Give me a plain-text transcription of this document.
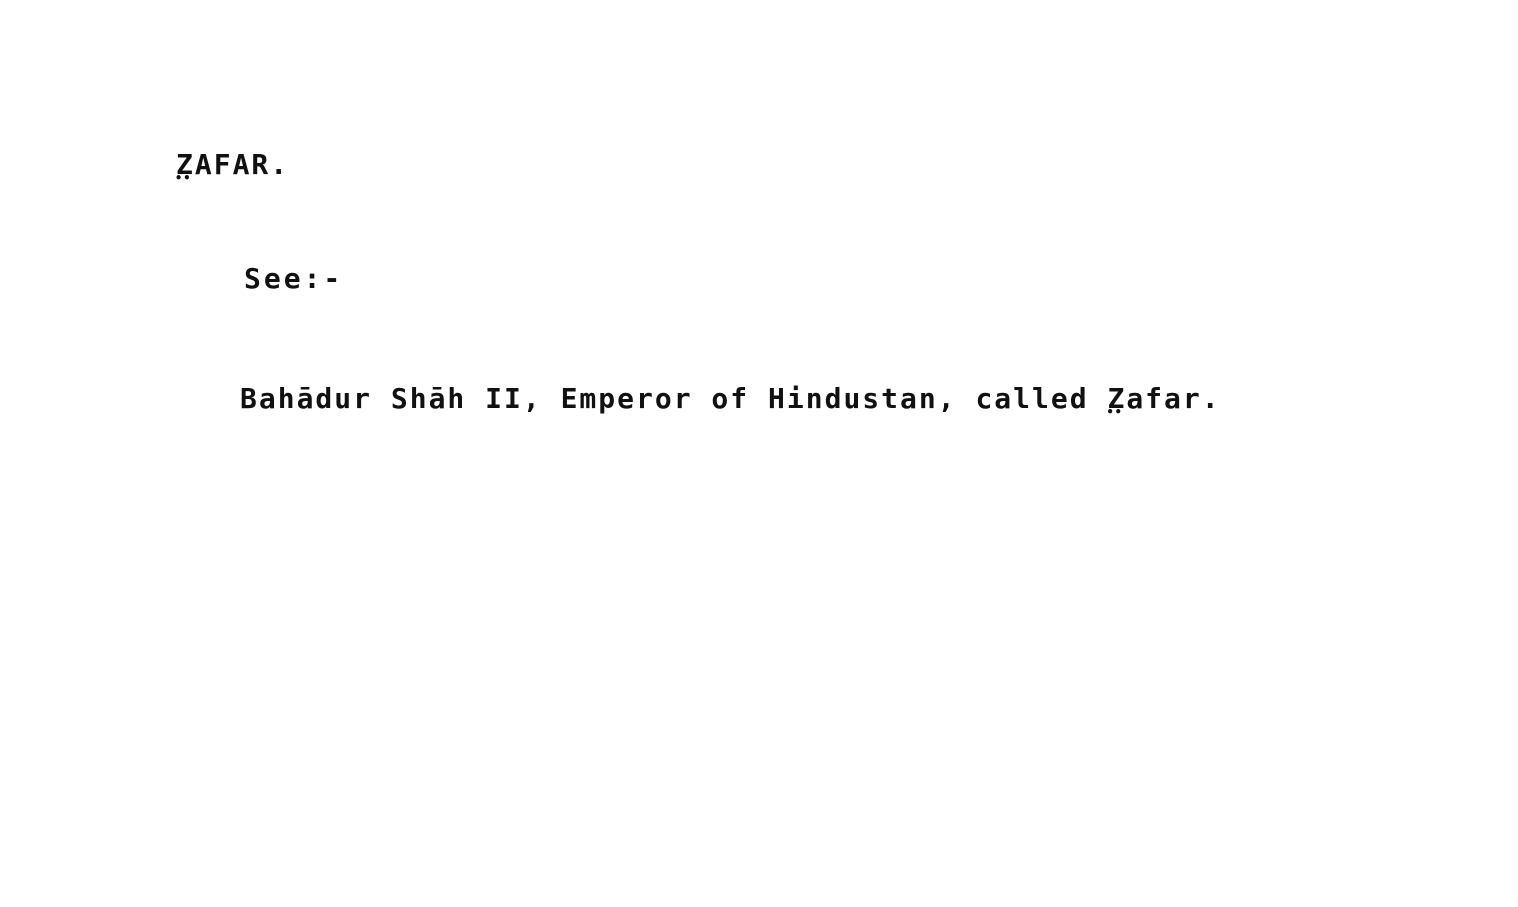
Z ••AFAR.
See:-
Bahādur Shāh II, Emperor of Hindustan, called Z ••afar.
